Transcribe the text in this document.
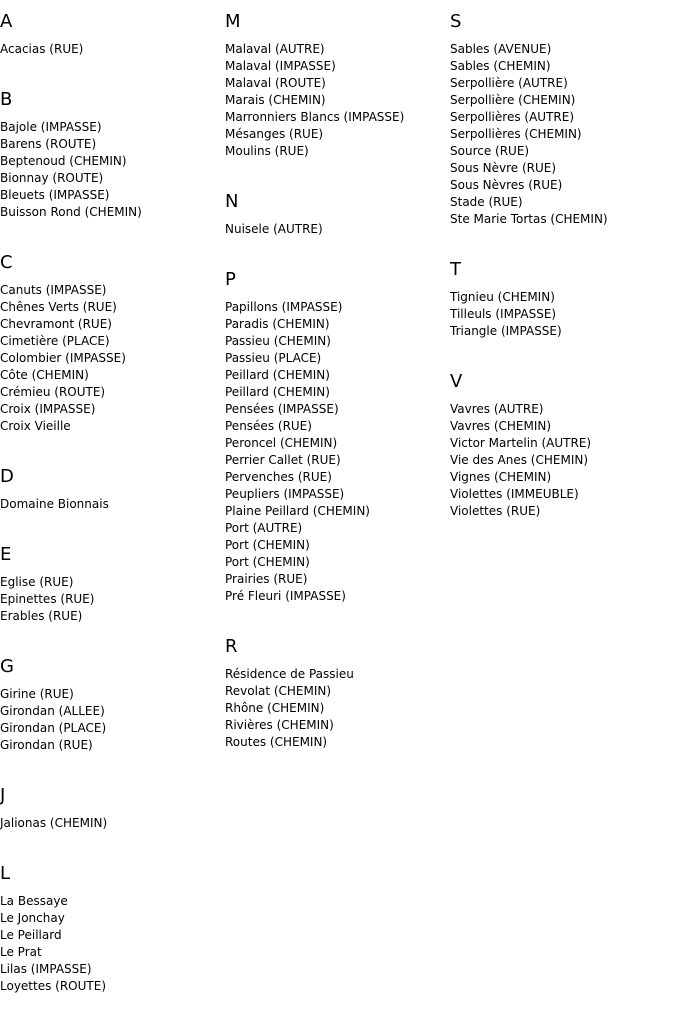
A
Acacias (RUE)
B
Bajole (IMPASSE)
Barens (ROUTE)
Beptenoud (CHEMIN)
Bionnay (ROUTE)
Bleuets (IMPASSE)
Buisson Rond (CHEMIN)
C
Canuts (IMPASSE)
Chênes Verts (RUE)
Chevramont (RUE)
Cimetière (PLACE)
Colombier (IMPASSE)
Côte (CHEMIN)
Crémieu (ROUTE)
Croix (IMPASSE)
Croix Vieille
D
Domaine Bionnais
E
Eglise (RUE)
Epinettes (RUE)
Erables (RUE)
G
Girine (RUE)
Girondan (ALLEE)
Girondan (PLACE)
Girondan (RUE)
J
Jalionas (CHEMIN)
L
La Bessaye
Le Jonchay
Le Peillard
Le Prat
Lilas (IMPASSE)
Loyettes (ROUTE)
M
Malaval (AUTRE)
Malaval (IMPASSE)
Malaval (ROUTE)
Marais (CHEMIN)
Marronniers Blancs (IMPASSE)
Mésanges (RUE)
Moulins (RUE)
N
Nuisele (AUTRE)
P
Papillons (IMPASSE)
Paradis (CHEMIN)
Passieu (CHEMIN)
Passieu (PLACE)
Peillard (CHEMIN)
Peillard (CHEMIN)
Pensées (IMPASSE)
Pensées (RUE)
Peroncel (CHEMIN)
Perrier Callet (RUE)
Pervenches (RUE)
Peupliers (IMPASSE)
Plaine Peillard (CHEMIN)
Port (AUTRE)
Port (CHEMIN)
Port (CHEMIN)
Prairies (RUE)
Pré Fleuri (IMPASSE)
R
Résidence de Passieu
Revolat (CHEMIN)
Rhône (CHEMIN)
Rivières (CHEMIN)
Routes (CHEMIN)
S
Sables (AVENUE)
Sables (CHEMIN)
Serpollière (AUTRE)
Serpollière (CHEMIN)
Serpollières (AUTRE)
Serpollières (CHEMIN)
Source (RUE)
Sous Nèvre (RUE)
Sous Nèvres (RUE)
Stade (RUE)
Ste Marie Tortas (CHEMIN)
T
Tignieu (CHEMIN)
Tilleuls (IMPASSE)
Triangle (IMPASSE)
V
Vavres (AUTRE)
Vavres (CHEMIN)
Victor Martelin (AUTRE)
Vie des Anes (CHEMIN)
Vignes (CHEMIN)
Violettes (IMMEUBLE)
Violettes (RUE)
